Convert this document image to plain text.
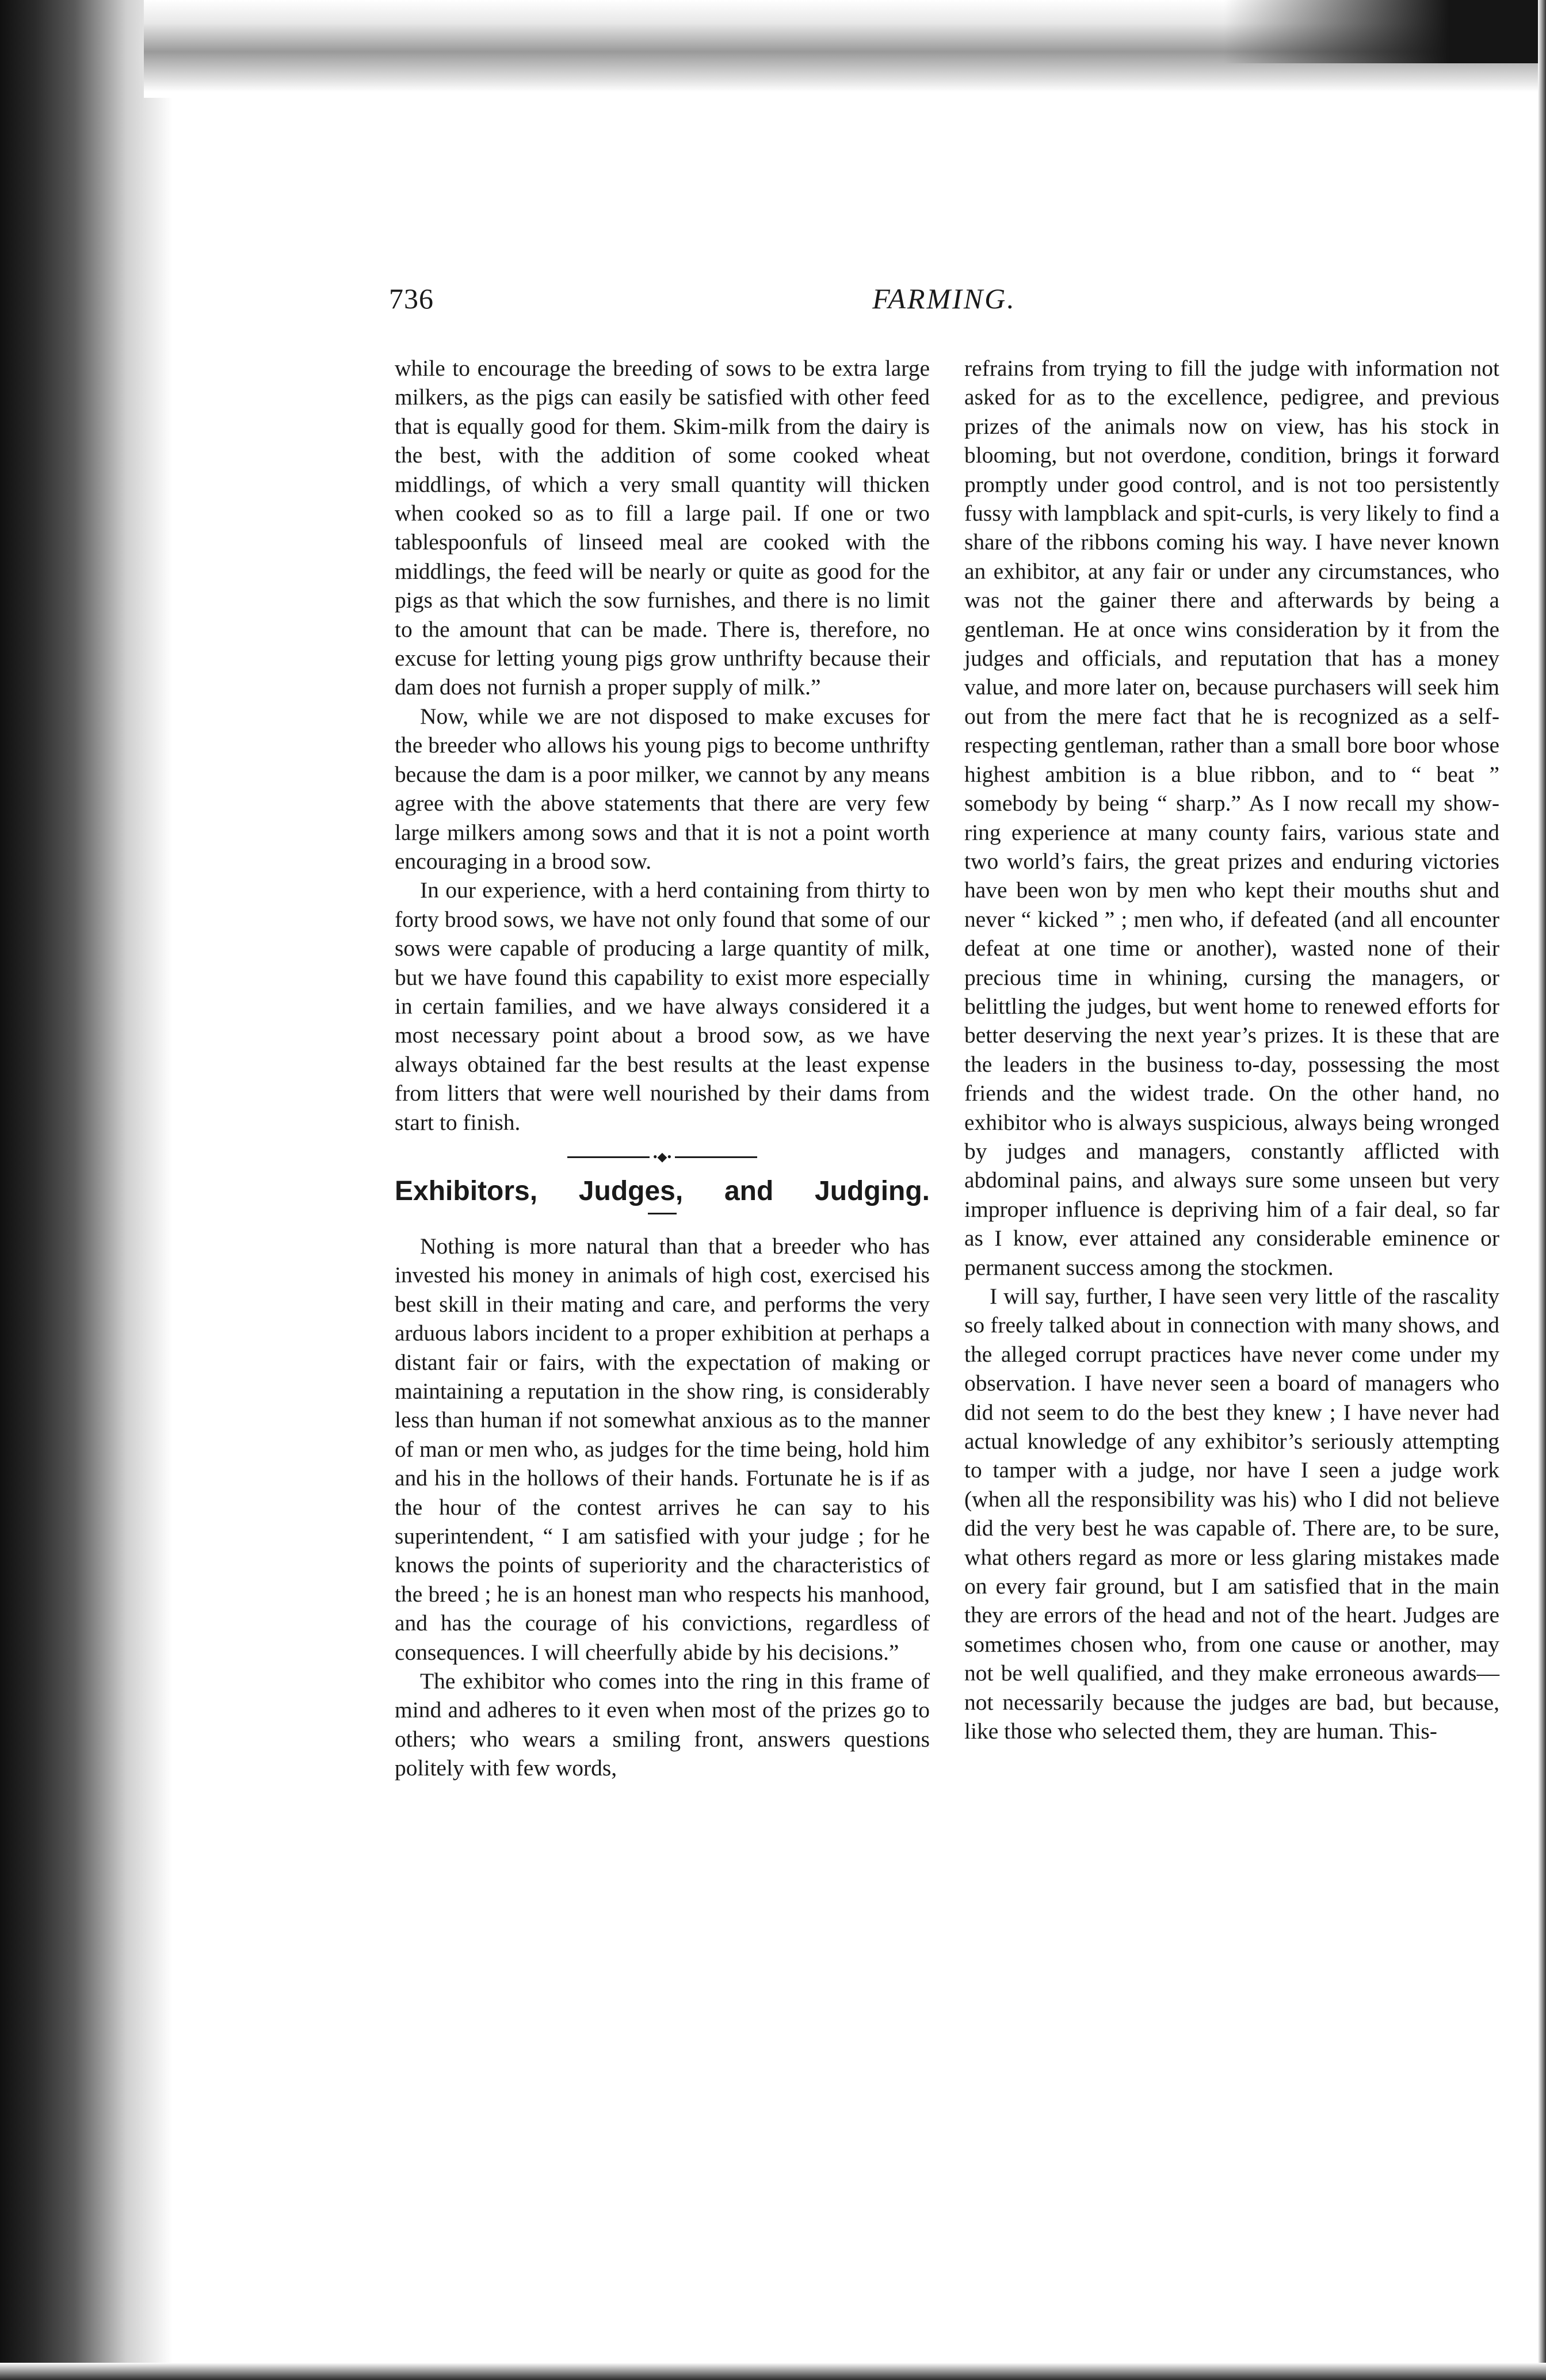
736	FARMING.

while to encourage the breeding of sows to be extra large milkers, as the pigs can easily be satisfied with other feed that is equally good for them. Skim-milk from the dairy is the best, with the addition of some cooked wheat middlings, of which a very small quantity will thicken when cooked so as to fill a large pail. If one or two tablespoonfuls of linseed meal are cooked with the middlings, the feed will be nearly or quite as good for the pigs as that which the sow furnishes, and there is no limit to the amount that can be made. There is, therefore, no excuse for letting young pigs grow unthrifty because their dam does not furnish a proper supply of milk.”

Now, while we are not disposed to make excuses for the breeder who allows his young pigs to become unthrifty because the dam is a poor milker, we cannot by any means agree with the above statements that there are very few large milkers among sows and that it is not a point worth encouraging in a brood sow.

In our experience, with a herd containing from thirty to forty brood sows, we have not only found that some of our sows were capable of producing a large quantity of milk, but we have found this capability to exist more especially in certain families, and we have always considered it a most necessary point about a brood sow, as we have always obtained far the best results at the least expense from litters that were well nourished by their dams from start to finish.

•◆•
Exhibitors, Judges, and Judging.

Nothing is more natural than that a breeder who has invested his money in animals of high cost, exercised his best skill in their mating and care, and performs the very arduous labors incident to a proper exhibition at perhaps a distant fair or fairs, with the expectation of making or maintaining a reputation in the show ring, is considerably less than human if not somewhat anxious as to the manner of man or men who, as judges for the time being, hold him and his in the hollows of their hands. Fortunate he is if as the hour of the contest arrives he can say to his superintendent, “ I am satisfied with your judge ; for he knows the points of superiority and the characteristics of the breed ; he is an honest man who respects his manhood, and has the courage of his convictions, regardless of consequences. I will cheerfully abide by his decisions.”

The exhibitor who comes into the ring in this frame of mind and adheres to it even when most of the prizes go to others; who wears a smiling front, answers questions politely with few words,

refrains from trying to fill the judge with information not asked for as to the excellence, pedigree, and previous prizes of the animals now on view, has his stock in blooming, but not overdone, condition, brings it forward promptly under good control, and is not too persistently fussy with lampblack and spit-curls, is very likely to find a share of the ribbons coming his way. I have never known an exhibitor, at any fair or under any circumstances, who was not the gainer there and afterwards by being a gentleman. He at once wins consideration by it from the judges and officials, and reputation that has a money value, and more later on, because purchasers will seek him out from the mere fact that he is recognized as a self-respecting gentleman, rather than a small bore boor whose highest ambition is a blue ribbon, and to “ beat ” somebody by being “ sharp.” As I now recall my show-ring experience at many county fairs, various state and two world’s fairs, the great prizes and enduring victories have been won by men who kept their mouths shut and never “ kicked ” ; men who, if defeated (and all encounter defeat at one time or another), wasted none of their precious time in whining, cursing the managers, or belittling the judges, but went home to renewed efforts for better deserving the next year’s prizes. It is these that are the leaders in the business to-day, possessing the most friends and the widest trade. On the other hand, no exhibitor who is always suspicious, always being wronged by judges and managers, constantly afflicted with abdominal pains, and always sure some unseen but very improper influence is depriving him of a fair deal, so far as I know, ever attained any considerable eminence or permanent success among the stockmen.

I will say, further, I have seen very little of the rascality so freely talked about in connection with many shows, and the alleged corrupt practices have never come under my observation. I have never seen a board of managers who did not seem to do the best they knew ; I have never had actual knowledge of any exhibitor’s seriously attempting to tamper with a judge, nor have I seen a judge work (when all the responsibility was his) who I did not believe did the very best he was capable of. There are, to be sure, what others regard as more or less glaring mistakes made on every fair ground, but I am satisfied that in the main they are errors of the head and not of the heart. Judges are sometimes chosen who, from one cause or another, may not be well qualified, and they make erroneous awards—not necessarily because the judges are bad, but because, like those who selected them, they are human. This-
